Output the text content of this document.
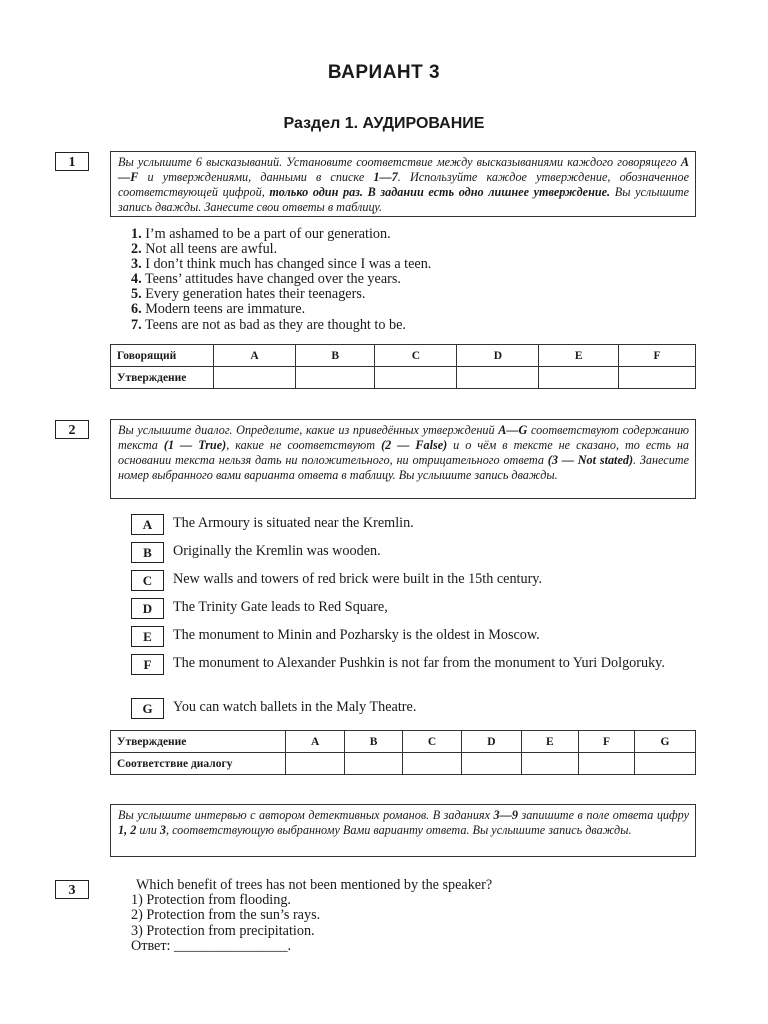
ВАРИАНТ 3
Раздел 1. АУДИРОВАНИЕ
1	Вы услышите 6 высказываний. Установите соответствие между высказываниями каждого говорящего A—F и утверждениями, данными в списке 1—7. Используйте каждое утверждение, обозначенное соответствующей цифрой, только один раз. В задании есть одно лишнее утверждение. Вы услышите запись дважды. Занесите свои ответы в таблицу.
1. I’m ashamed to be a part of our generation.
2. Not all teens are awful.
3. I don’t think much has changed since I was a teen.
4. Teens’ attitudes have changed over the years.
5. Every generation hates their teenagers.
6. Modern teens are immature.
7. Teens are not as bad as they are thought to be.
Говорящий	A	B	C	D	E	F
Утверждение						
2	Вы услышите диалог. Определите, какие из приведённых утверждений A—G соответствуют содержанию текста (1 — True), какие не соответствуют (2 — False) и о чём в тексте не сказано, то есть на основании текста нельзя дать ни положительного, ни отрицательного ответа (3 — Not stated). Занесите номер выбранного вами варианта ответа в таблицу. Вы услышите запись дважды.
A	The Armoury is situated near the Kremlin.
B	Originally the Kremlin was wooden.
C	New walls and towers of red brick were built in the 15th century.
D	The Trinity Gate leads to Red Square,
E	The monument to Minin and Pozharsky is the oldest in Moscow.
F	The monument to Alexander Pushkin is not far from the monument to Yuri Dolgoruky.
G	You can watch ballets in the Maly Theatre.
Утверждение	A	B	C	D	E	F	G
Соответствие диалогу							
Вы услышите интервью с автором детективных романов. В заданиях 3—9 запишите в поле ответа цифру 1, 2 или 3, соответствующую выбранному Вами варианту ответа. Вы услышите запись дважды.
3	Which benefit of trees has not been mentioned by the speaker?
1) Protection from flooding.
2) Protection from the sun’s rays.
3) Protection from precipitation.
Ответ: ________________.
